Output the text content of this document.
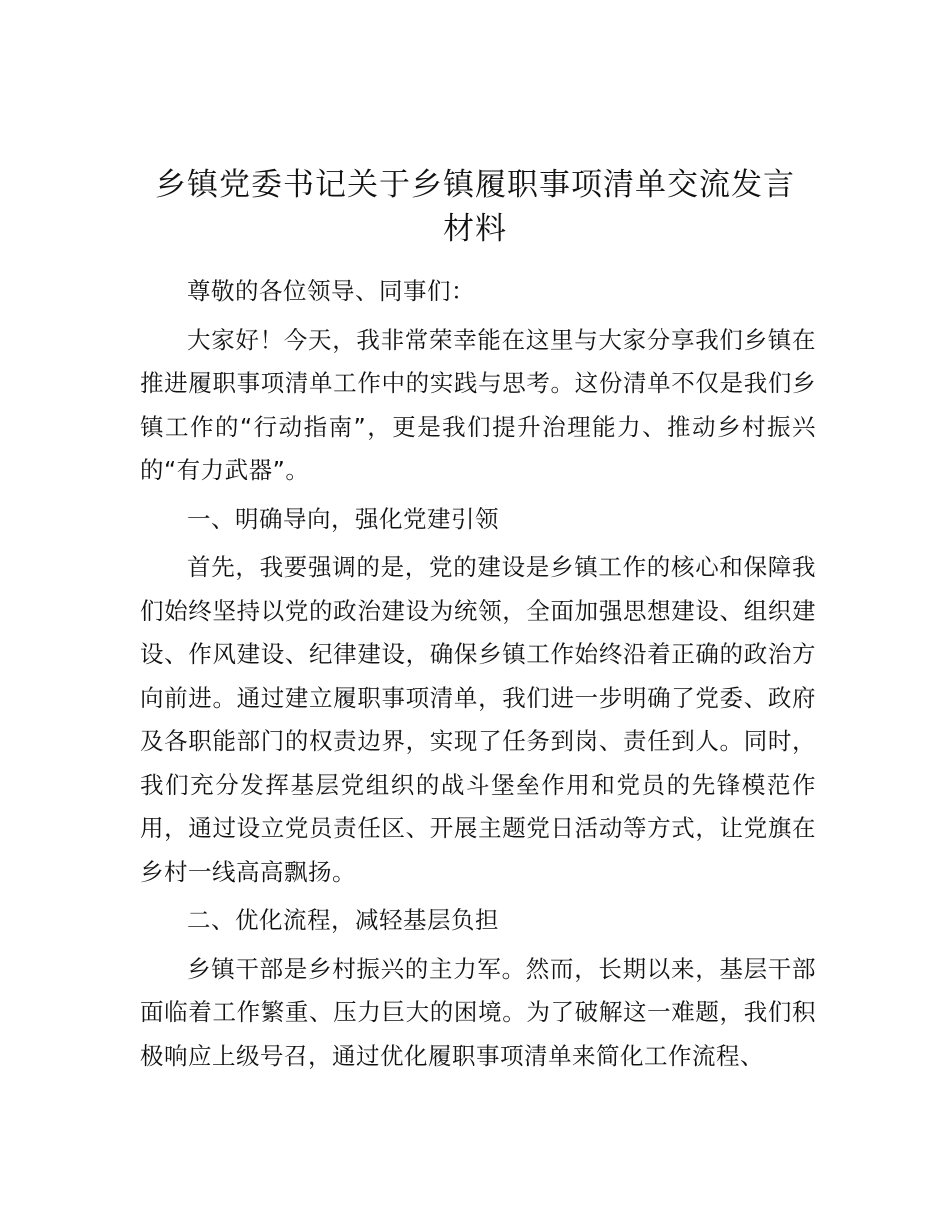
乡镇党委书记关于乡镇履职事项清单交流发言材料

尊敬的各位领导、同事们：

大家好！今天，我非常荣幸能在这里与大家分享我们乡镇在推进履职事项清单工作中的实践与思考。这份清单不仅是我们乡镇工作的“行动指南”，更是我们提升治理能力、推动乡村振兴的“有力武器”。

一、明确导向，强化党建引领

首先，我要强调的是，党的建设是乡镇工作的核心和保障我们始终坚持以党的政治建设为统领，全面加强思想建设、组织建设、作风建设、纪律建设，确保乡镇工作始终沿着正确的政治方向前进。通过建立履职事项清单，我们进一步明确了党委、政府及各职能部门的权责边界，实现了任务到岗、责任到人。同时，我们充分发挥基层党组织的战斗堡垒作用和党员的先锋模范作用，通过设立党员责任区、开展主题党日活动等方式，让党旗在乡村一线高高飘扬。

二、优化流程，减轻基层负担

乡镇干部是乡村振兴的主力军。然而，长期以来，基层干部面临着工作繁重、压力巨大的困境。为了破解这一难题，我们积极响应上级号召，通过优化履职事项清单来简化工作流程、
